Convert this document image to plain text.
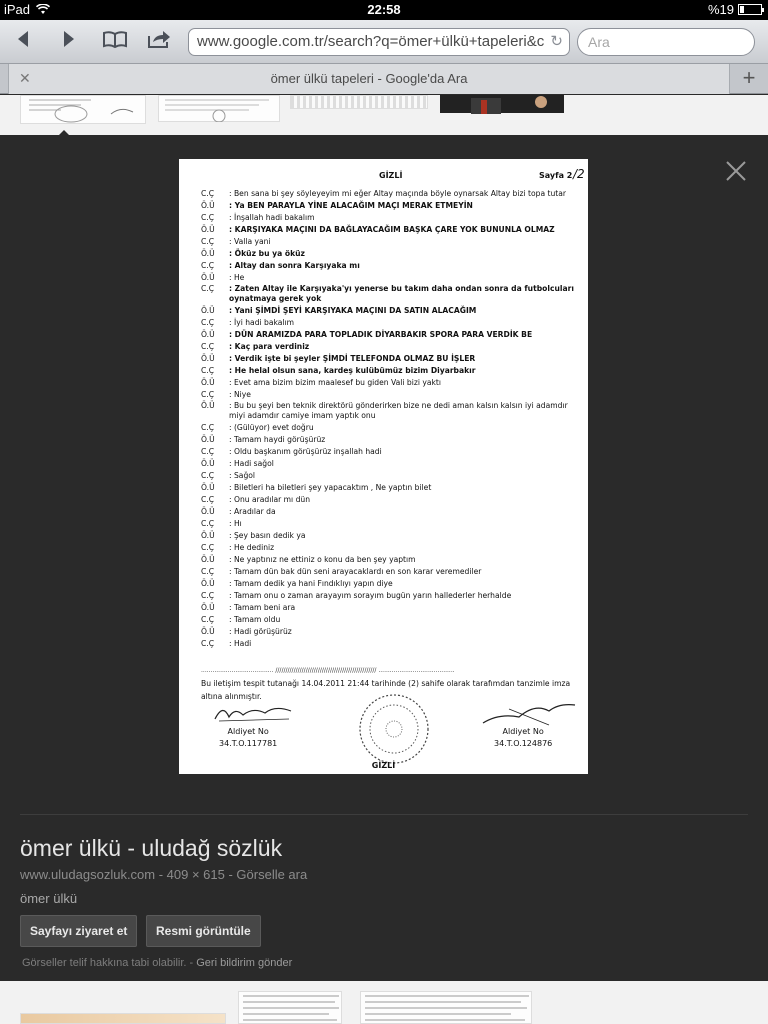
iPad	22:58	%19
www.google.com.tr/search?q=ömer+ülkü+tapeleri&c ↻	Ara
✕	ömer ülkü tapeleri - Google'da Ara	+
GİZLİ	Sayfa 2 /2
C.Ç	: Ben sana bi şey söyleyeyim mi eğer Altay maçında böyle oynarsak Altay bizi topa tutar
Ö.Ü	: Ya BEN PARAYLA YİNE ALACAĞIM MAÇI MERAK ETMEYİN
C.Ç	: İnşallah hadi bakalım
Ö.Ü	: KARŞIYAKA MAÇINI DA BAĞLAYACAĞIM BAŞKA ÇARE YOK BUNUNLA OLMAZ
C.Ç	: Valla yani
Ö.Ü	: Öküz bu ya öküz
C.Ç	: Altay dan sonra Karşıyaka mı
Ö.Ü	: He
C.Ç	: Zaten Altay ile Karşıyaka'yı yenerse bu takım daha ondan sonra da futbolcuları oynatmaya gerek yok
Ö.Ü	: Yani ŞİMDİ ŞEYİ KARŞIYAKA MAÇINI DA SATIN ALACAĞIM
C.Ç	: İyi hadi bakalım
Ö.Ü	: DÜN ARAMIZDA PARA TOPLADIK DİYARBAKIR SPORA PARA VERDİK BE
C.Ç	: Kaç para verdiniz
Ö.Ü	: Verdik işte bi şeyler ŞİMDİ TELEFONDA OLMAZ BU İŞLER
C.Ç	: He helal olsun sana, kardeş kulübümüz bizim Diyarbakır
Ö.Ü	: Evet ama bizim bizim maalesef bu giden Vali bizi yaktı
C.Ç	: Niye
Ö.Ü	: Bu bu şeyi ben teknik direktörü gönderirken bize ne dedi aman kalsın kalsın iyi adamdır miyi adamdır camiye imam yaptık onu
C.Ç	: (Gülüyor) evet doğru
Ö.Ü	: Tamam haydi görüşürüz
C.Ç	: Oldu başkanım görüşürüz inşallah hadi
Ö.Ü	: Hadi sağol
C.Ç	: Sağol
Ö.Ü	: Biletleri ha biletleri şey yapacaktım , Ne yaptın bilet
C.Ç	: Onu aradılar mı dün
Ö.Ü	: Aradılar da
C.Ç	: Hı
Ö.Ü	: Şey basın dedik ya
C.Ç	: He dediniz
Ö.Ü	: Ne yaptınız ne ettiniz o konu da ben şey yaptım
C.Ç	: Tamam dün bak dün seni arayacaklardı en son karar veremediler
Ö.Ü	: Tamam dedik ya hani Fındıklıyı yapın diye
C.Ç	: Tamam onu o zaman arayayım sorayım bugün yarın hallederler herhalde
Ö.Ü	: Tamam beni ara
C.Ç	: Tamam oldu
Ö.Ü	: Hadi görüşürüz
C.Ç	: Hadi
...................................... ////////////////////////////////////////////////// ........................................
Bu iletişim tespit tutanağı 14.04.2011 21:44 tarihinde (2) sahife olarak tarafımdan tanzimle imza altına alınmıştır.
Aldiyet No
34.T.O.117781
Aldiyet No
34.T.O.124876
GİZLİ
ömer ülkü - uludağ sözlük
www.uludagsozluk.com - 409 × 615 - Görselle ara
ömer ülkü
Sayfayı ziyaret et	Resmi görüntüle
Görseller telif hakkına tabi olabilir. - Geri bildirim gönder
